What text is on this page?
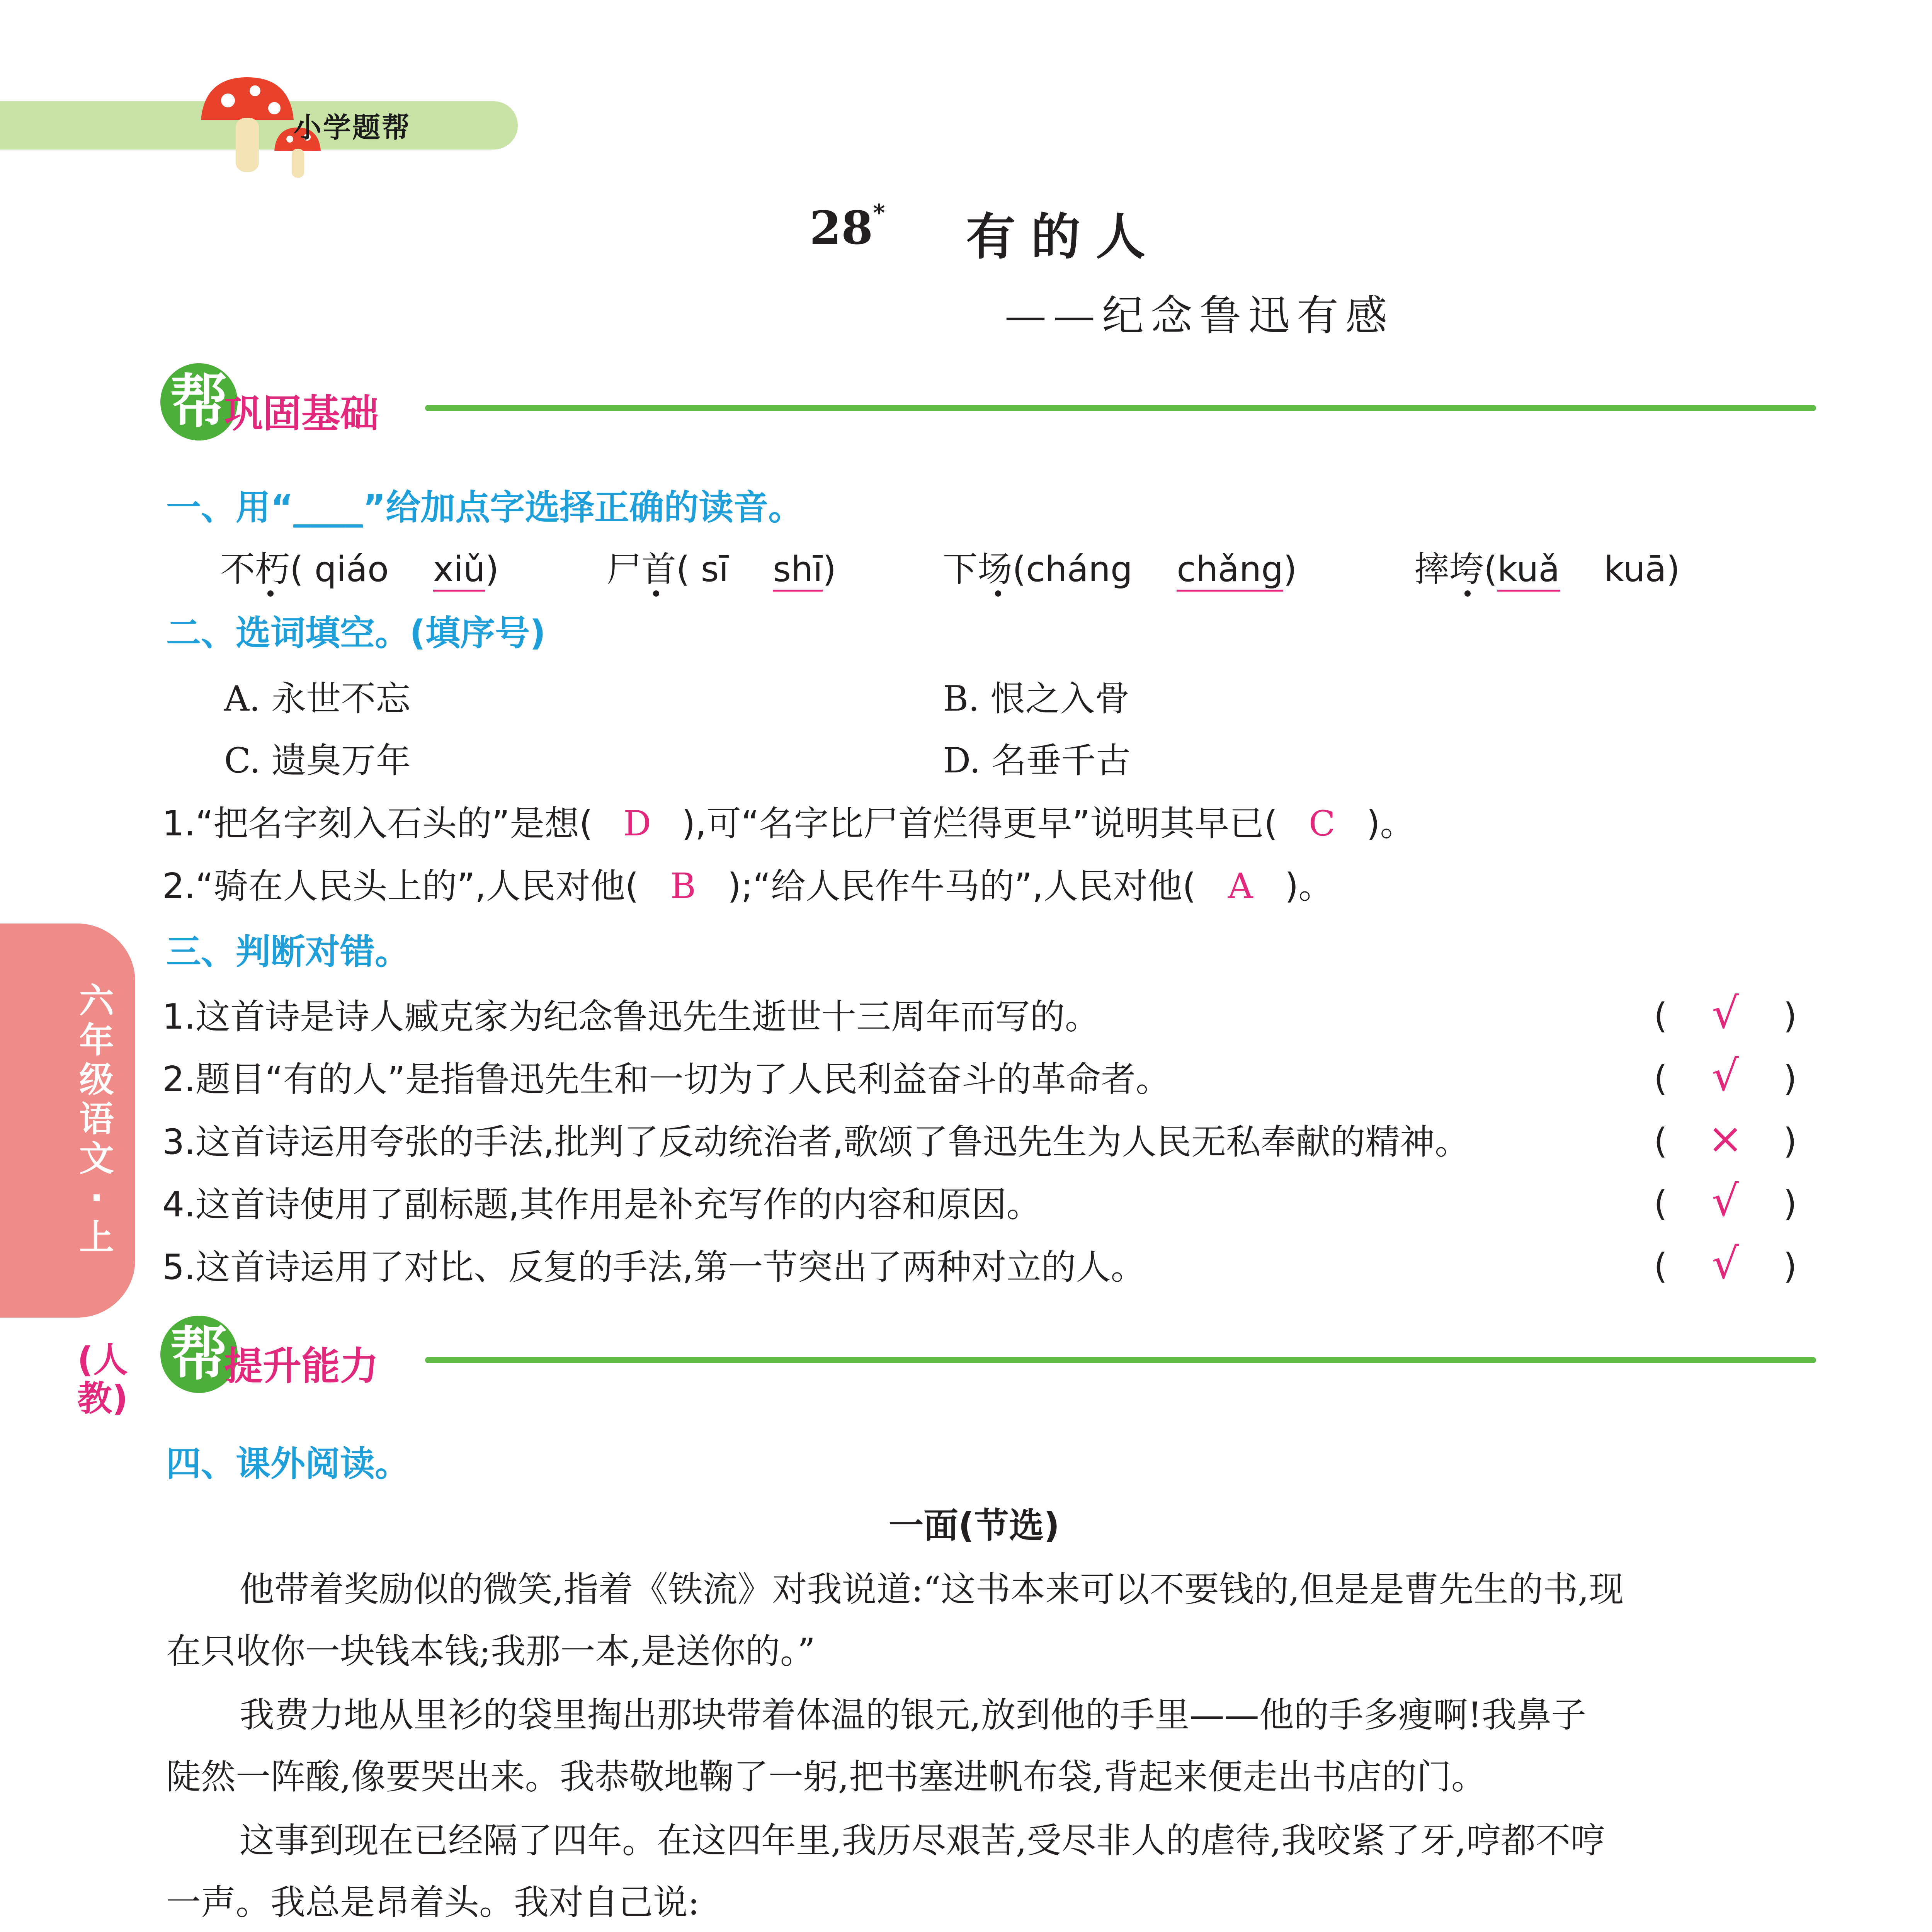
小学题帮
28* 有的人
——纪念鲁迅有感
帮
巩固基础
一、用“____”给加点字选择正确的读音。
不朽( qiáo xiǔ)	尸首( sī shī)	下场(cháng chǎng)	摔垮(kuǎ kuā)
二、选词填空。(填序号)
A. 永世不忘	B. 恨之入骨
C. 遗臭万年	D. 名垂千古
1.“把名字刻入石头的”是想( D ),可“名字比尸首烂得更早”说明其早已( C )。
2.“骑在人民头上的”,人民对他( B );“给人民作牛马的”,人民对他( A )。
三、判断对错。
1.这首诗是诗人臧克家为纪念鲁迅先生逝世十三周年而写的。	( √ )
2.题目“有的人”是指鲁迅先生和一切为了人民利益奋斗的革命者。	( √ )
3.这首诗运用夸张的手法,批判了反动统治者,歌颂了鲁迅先生为人民无私奉献的精神。	( × )
4.这首诗使用了副标题,其作用是补充写作的内容和原因。	( √ )
5.这首诗运用了对比、反复的手法,第一节突出了两种对立的人。	( √ )
帮
提升能力
四、课外阅读。
一面(节选)
他带着奖励似的微笑,指着《铁流》对我说道:“这书本来可以不要钱的,但是是曹先生的书,现
在只收你一块钱本钱;我那一本,是送你的。”
我费力地从里衫的袋里掏出那块带着体温的银元,放到他的手里——他的手多瘦啊!我鼻子
陡然一阵酸,像要哭出来。我恭敬地鞠了一躬,把书塞进帆布袋,背起来便走出书店的门。
这事到现在已经隔了四年。在这四年里,我历尽艰苦,受尽非人的虐待,我咬紧了牙,哼都不哼
一声。我总是昂着头。我对自己说:
六年级语文·上
(人教)
